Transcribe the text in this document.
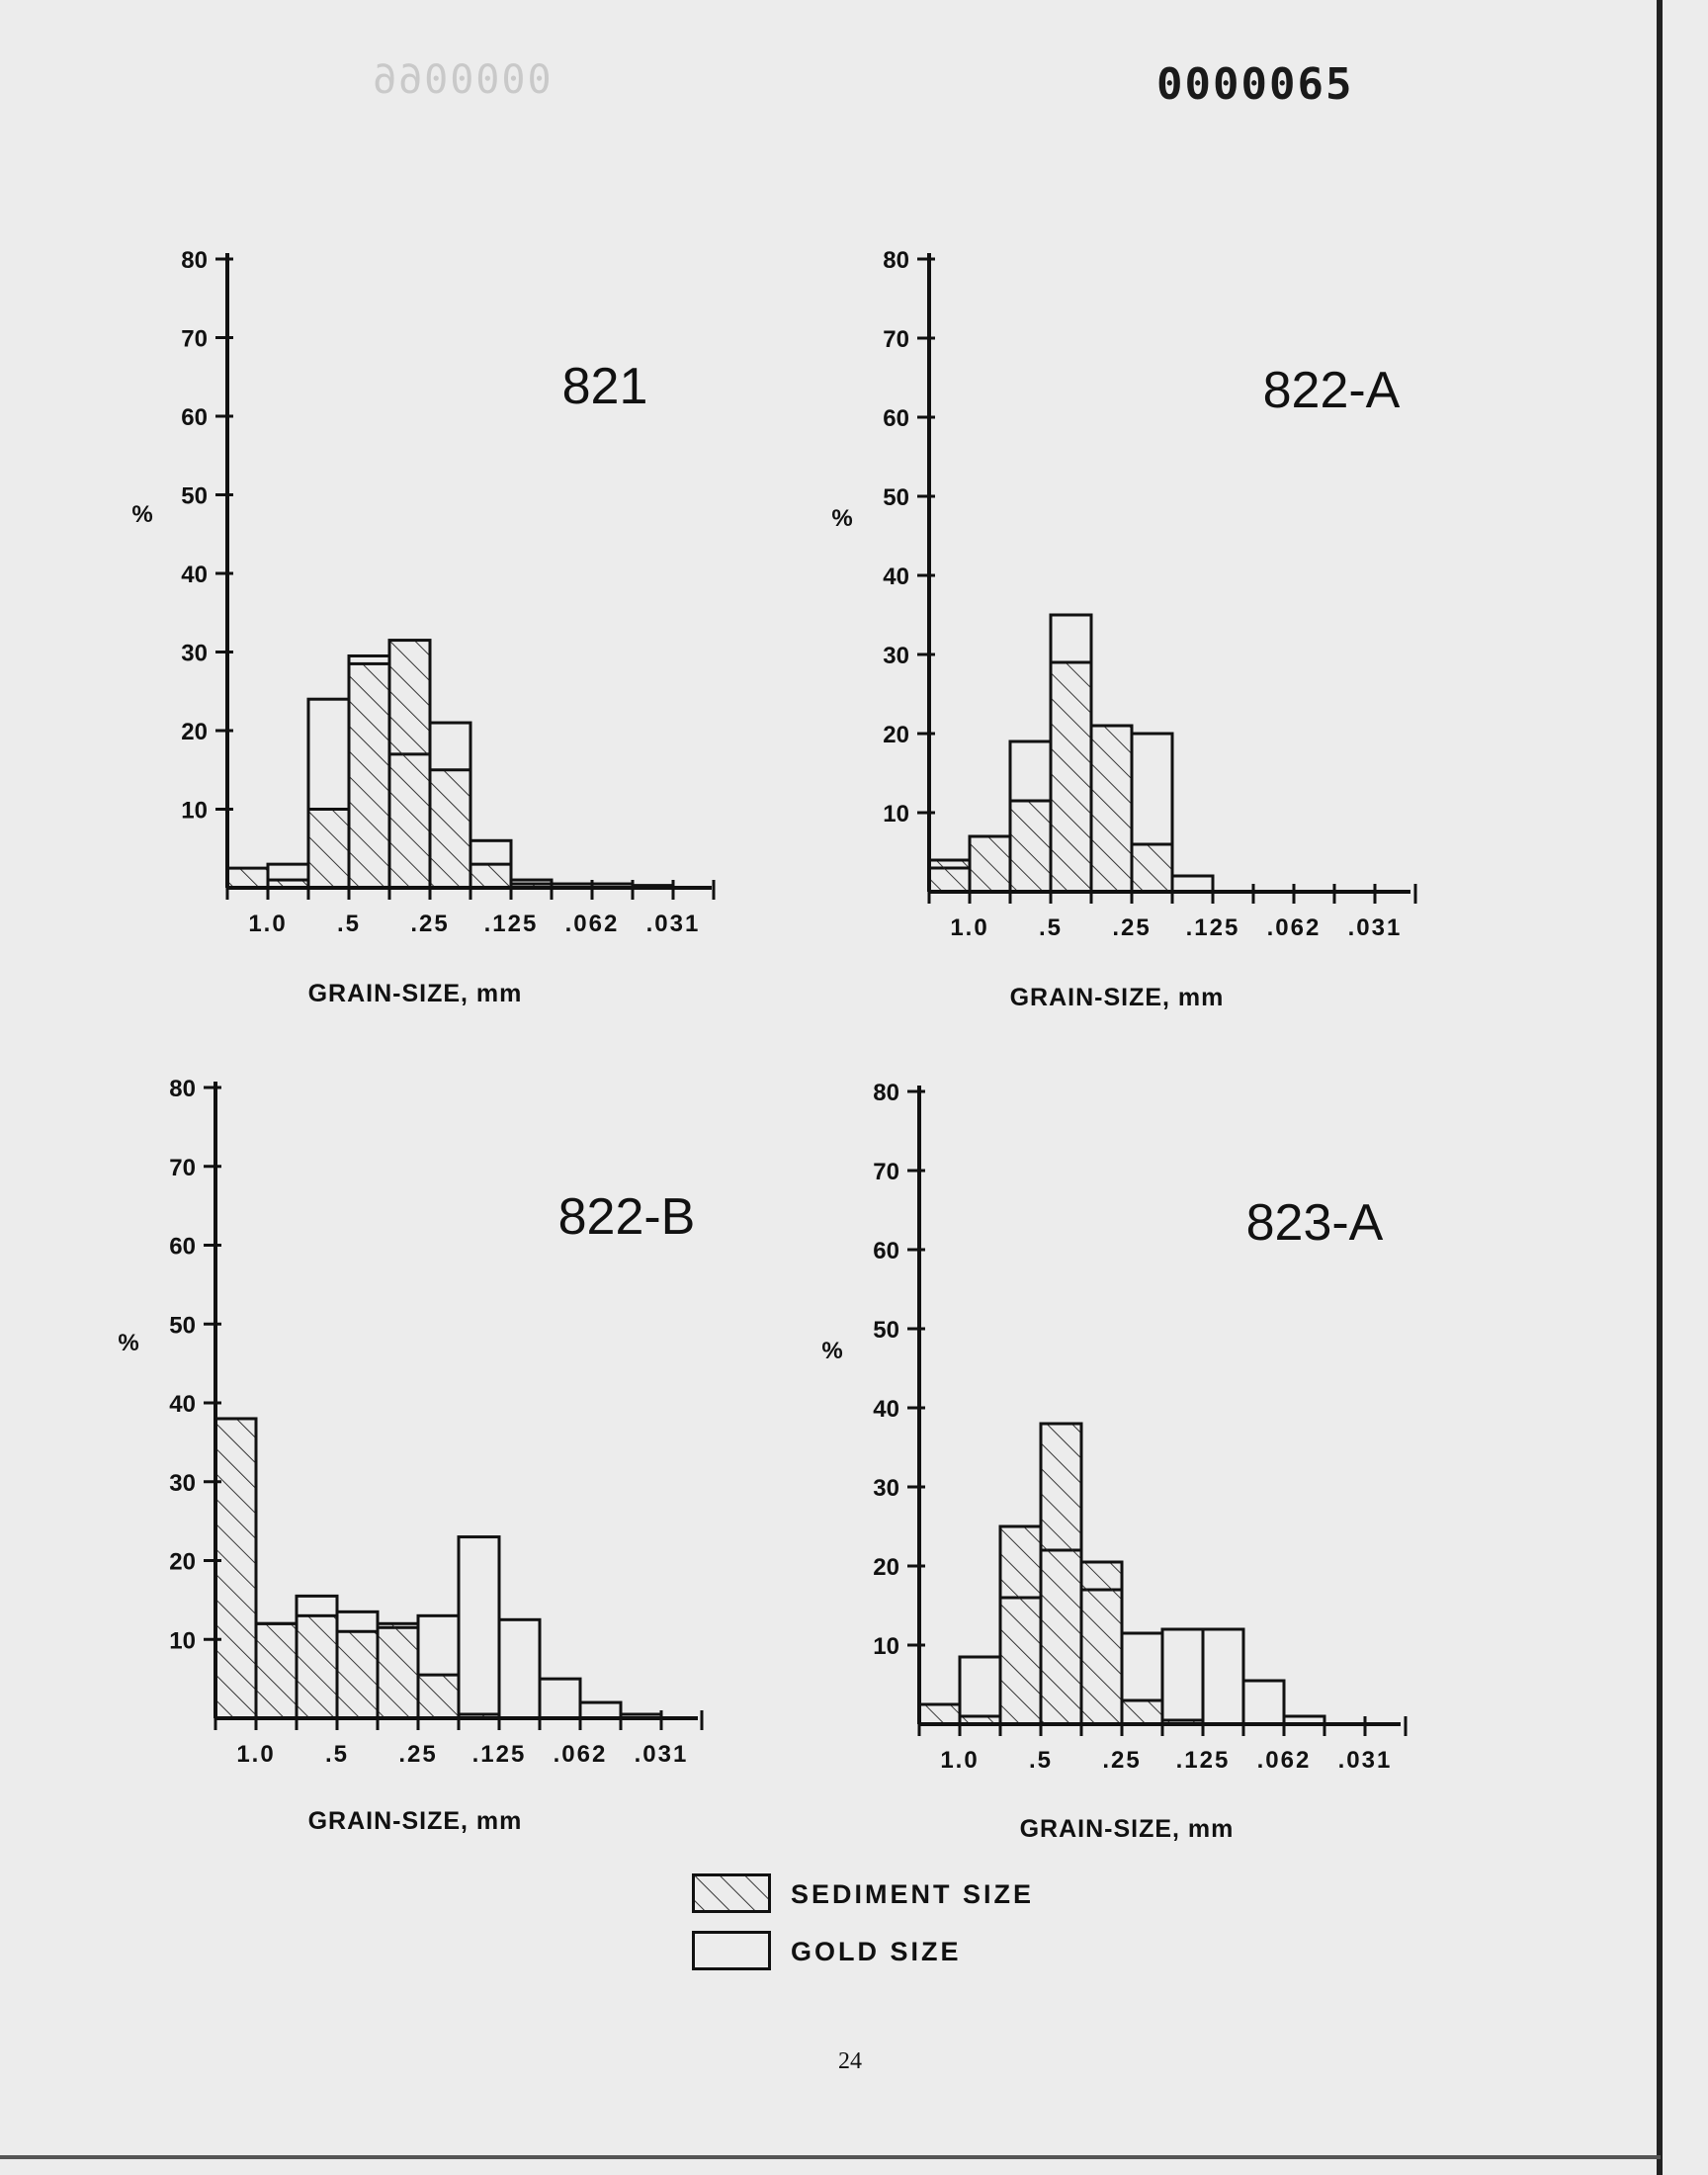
0000066	0000065
80
70
60
50
40
30
20
10
1.0 .5 .25 .125 .062 .031
821
%
GRAIN-SIZE, mm
80
70
60
50
40
30
20
10
1.0 .5 .25 .125 .062 .031
822-A
%
GRAIN-SIZE, mm
80
70
60
50
40
30
20
10
1.0 .5 .25 .125 .062 .031
822-B
%
GRAIN-SIZE, mm
80
70
60
50
40
30
20
10
1.0 .5 .25 .125 .062 .031
823-A
%
GRAIN-SIZE, mm
SEDIMENT SIZE
GOLD SIZE
24
